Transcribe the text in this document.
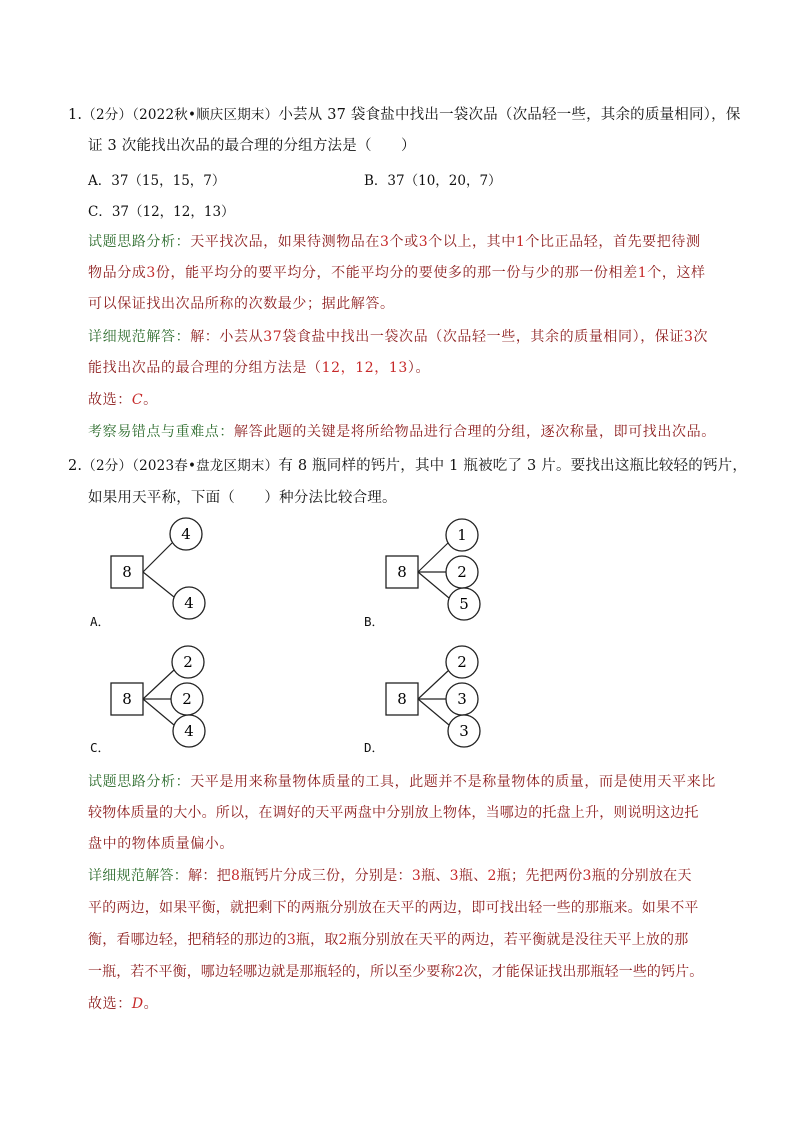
1.（2分）（2022秋•顺庆区期末）小芸从 37 袋食盐中找出一袋次品（次品轻一些，其余的质量相同），保
证 3 次能找出次品的最合理的分组方法是（　　）
A．37（15，15，7）	B．37（10，20，7）
C．37（12，12，13）
试题思路分析：天平找次品，如果待测物品在3个或3个以上，其中1个比正品轻，首先要把待测
物品分成3份，能平均分的要平均分，不能平均分的要使多的那一份与少的那一份相差1个，这样
可以保证找出次品所称的次数最少；据此解答。
详细规范解答：解：小芸从37袋食盐中找出一袋次品（次品轻一些，其余的质量相同），保证3次
能找出次品的最合理的分组方法是（12，12，13）。
故选：C。
考察易错点与重难点：解答此题的关键是将所给物品进行合理的分组，逐次称量，即可找出次品。
2.（2分）（2023春•盘龙区期末）有 8 瓶同样的钙片，其中 1 瓶被吃了 3 片。要找出这瓶比较轻的钙片，
如果用天平称，下面（　　）种分法比较合理。
8
4
4
8
1
2
5
8
2
2
4
8
2
3
3
A．	B．
C．	D．
试题思路分析：天平是用来称量物体质量的工具，此题并不是称量物体的质量，而是使用天平来比
较物体质量的大小。所以，在调好的天平两盘中分别放上物体，当哪边的托盘上升，则说明这边托
盘中的物体质量偏小。
详细规范解答：解：把8瓶钙片分成三份，分别是：3瓶、3瓶、2瓶；先把两份3瓶的分别放在天
平的两边，如果平衡，就把剩下的两瓶分别放在天平的两边，即可找出轻一些的那瓶来。如果不平
衡，看哪边轻，把稍轻的那边的3瓶，取2瓶分别放在天平的两边，若平衡就是没往天平上放的那
一瓶，若不平衡，哪边轻哪边就是那瓶轻的，所以至少要称2次，才能保证找出那瓶轻一些的钙片。
故选：D。
